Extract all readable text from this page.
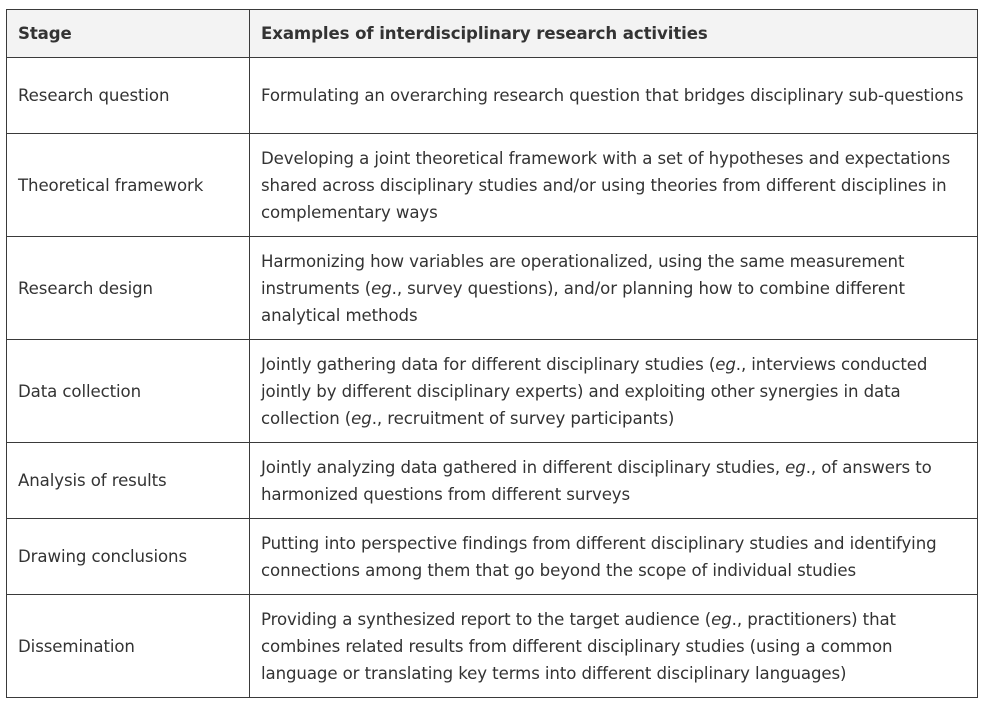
Stage	Examples of interdisciplinary research activities
Research question	Formulating an overarching research question that bridges disciplinary sub-questions
Theoretical framework	Developing a joint theoretical framework with a set of hypotheses and expectations shared across disciplinary studies and/or using theories from different disciplines in complementary ways
Research design	Harmonizing how variables are operationalized, using the same measurement instruments (eg., survey questions), and/or planning how to combine different analytical methods
Data collection	Jointly gathering data for different disciplinary studies (eg., interviews conducted jointly by different disciplinary experts) and exploiting other synergies in data collection (eg., recruitment of survey participants)
Analysis of results	Jointly analyzing data gathered in different disciplinary studies, eg., of answers to harmonized questions from different surveys
Drawing conclusions	Putting into perspective findings from different disciplinary studies and identifying connections among them that go beyond the scope of individual studies
Dissemination	Providing a synthesized report to the target audience (eg., practitioners) that combines related results from different disciplinary studies (using a common language or translating key terms into different disciplinary languages)
